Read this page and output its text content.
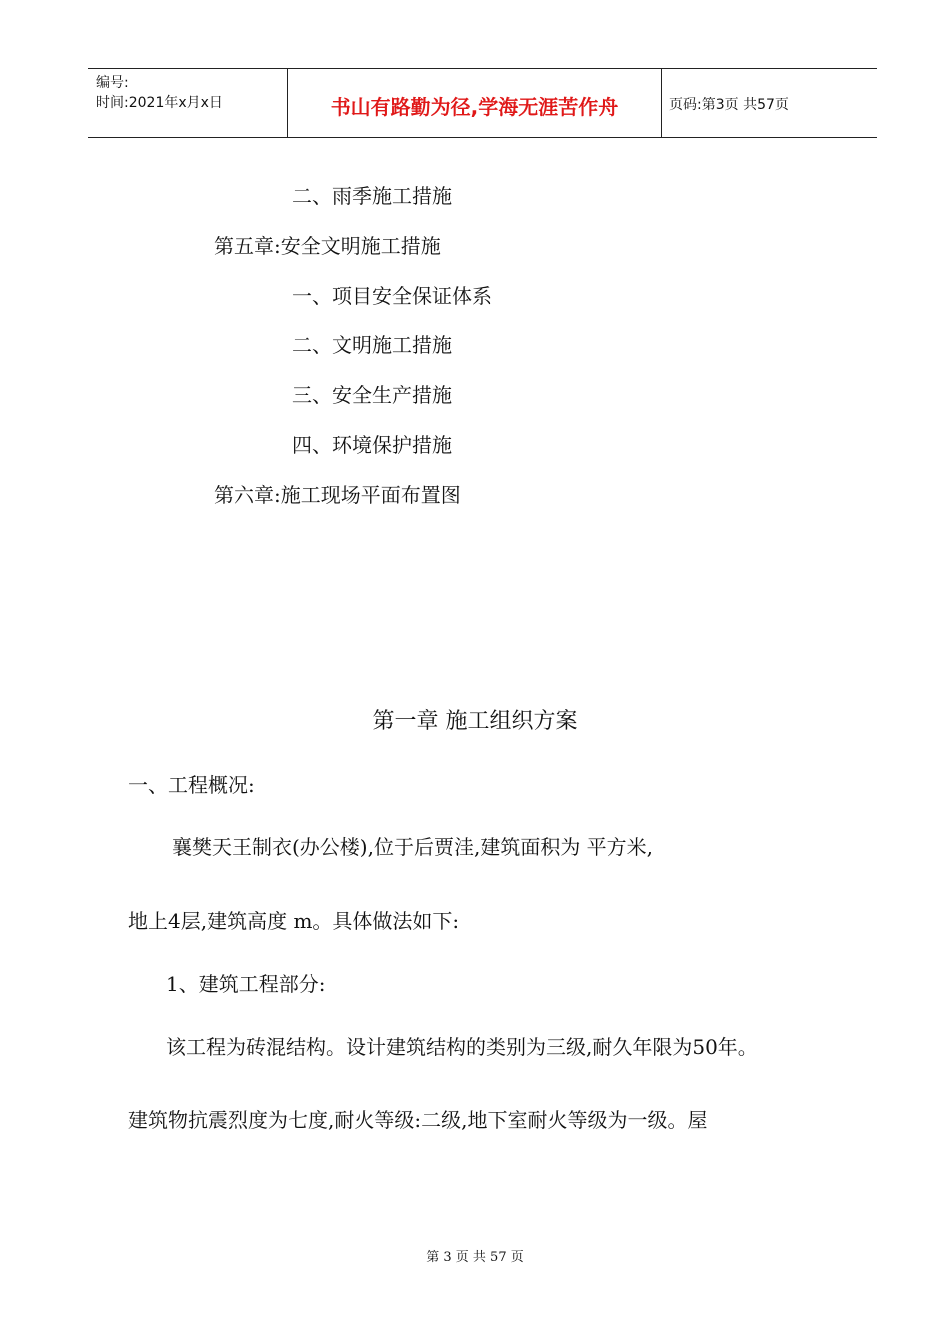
编号:
时间:2021年x月x日	书山有路勤为径,学海无涯苦作舟	页码:第3页 共57页
二、雨季施工措施
第五章:安全文明施工措施
一、项目安全保证体系
二、文明施工措施
三、安全生产措施
四、环境保护措施
第六章:施工现场平面布置图
第一章 施工组织方案
一、工程概况:
襄樊天王制衣(办公楼),位于后贾洼,建筑面积为 平方米,
地上4层,建筑高度 m。具体做法如下:
1、建筑工程部分:
该工程为砖混结构。设计建筑结构的类别为三级,耐久年限为50年。
建筑物抗震烈度为七度,耐火等级:二级,地下室耐火等级为一级。屋
第 3 页 共 57 页
